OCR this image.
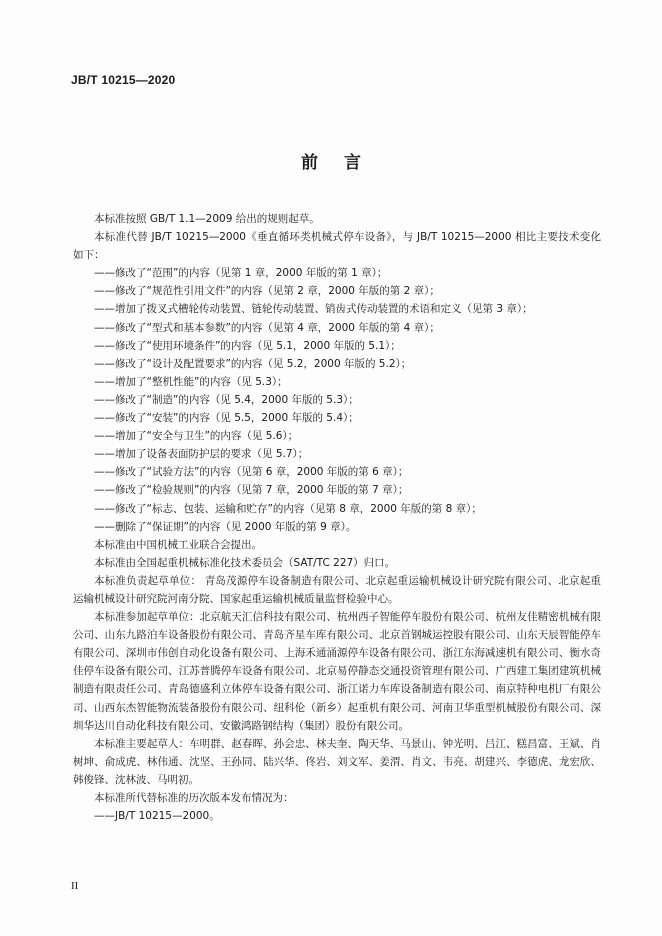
JB/T 10215—2020
前言

本标准按照 GB/T 1.1—2009 给出的规则起草。

本标准代替 JB/T 10215—2000《垂直循环类机械式停车设备》，与 JB/T 10215—2000 相比主要技术变化如下：

——修改了“范围”的内容（见第 1 章，2000 年版的第 1 章）；

——修改了“规范性引用文件”的内容（见第 2 章，2000 年版的第 2 章）；

——增加了拨叉式槽轮传动装置、链轮传动装置、销齿式传动装置的术语和定义（见第 3 章）；

——修改了“型式和基本参数”的内容（见第 4 章，2000 年版的第 4 章）；

——修改了“使用环境条件”的内容（见 5.1，2000 年版的 5.1）；

——修改了“设计及配置要求”的内容（见 5.2，2000 年版的 5.2）；

——增加了“整机性能”的内容（见 5.3）；

——修改了“制造”的内容（见 5.4，2000 年版的 5.3）；

——修改了“安装”的内容（见 5.5，2000 年版的 5.4）；

——增加了“安全与卫生”的内容（见 5.6）；

——增加了设备表面防护层的要求（见 5.7）；

——修改了“试验方法”的内容（见第 6 章，2000 年版的第 6 章）；

——修改了“检验规则”的内容（见第 7 章，2000 年版的第 7 章）；

——修改了“标志、包装、运输和贮存”的内容（见第 8 章，2000 年版的第 8 章）；

——删除了“保证期”的内容（见 2000 年版的第 9 章）。

本标准由中国机械工业联合会提出。

本标准由全国起重机械标准化技术委员会（SAT/TC 227）归口。

本标准负责起草单位： 青岛茂源停车设备制造有限公司、北京起重运输机械设计研究院有限公司、北京起重运输机械设计研究院河南分院、国家起重运输机械质量监督检验中心。

本标准参加起草单位：北京航天汇信科技有限公司、杭州西子智能停车股份有限公司、杭州友佳精密机械有限公司、山东九路泊车设备股份有限公司、青岛齐星车库有限公司、北京首钢城运控股有限公司、山东天辰智能停车有限公司、深圳市伟创自动化设备有限公司、上海禾通涌源停车设备有限公司、浙江东海减速机有限公司、衡水奇佳停车设备有限公司、江苏普腾停车设备有限公司、北京易停静态交通投资管理有限公司、广西建工集团建筑机械制造有限责任公司、青岛德盛利立体停车设备有限公司、浙江诺力车库设备制造有限公司、南京特种电机厂有限公司、山西东杰智能物流装备股份有限公司、纽科伦（新乡）起重机有限公司、河南卫华重型机械股份有限公司、深圳华达川自动化科技有限公司、安徽鸿路钢结构（集团）股份有限公司。

本标准主要起草人：车明群、赵春晖、孙会忠、林夫奎、陶天华、马景山、钟光明、吕江、糕昌富、王斌、肖树坤、俞成虎、林伟通、沈坚、王孙同、陆兴华、佟岩、刘文军、姜渭、肖文、韦亮、胡建兴、李德虎、龙宏欣、韩俊锋、沈林波、马明初。

本标准所代替标准的历次版本发布情况为：

——JB/T 10215—2000。

II
